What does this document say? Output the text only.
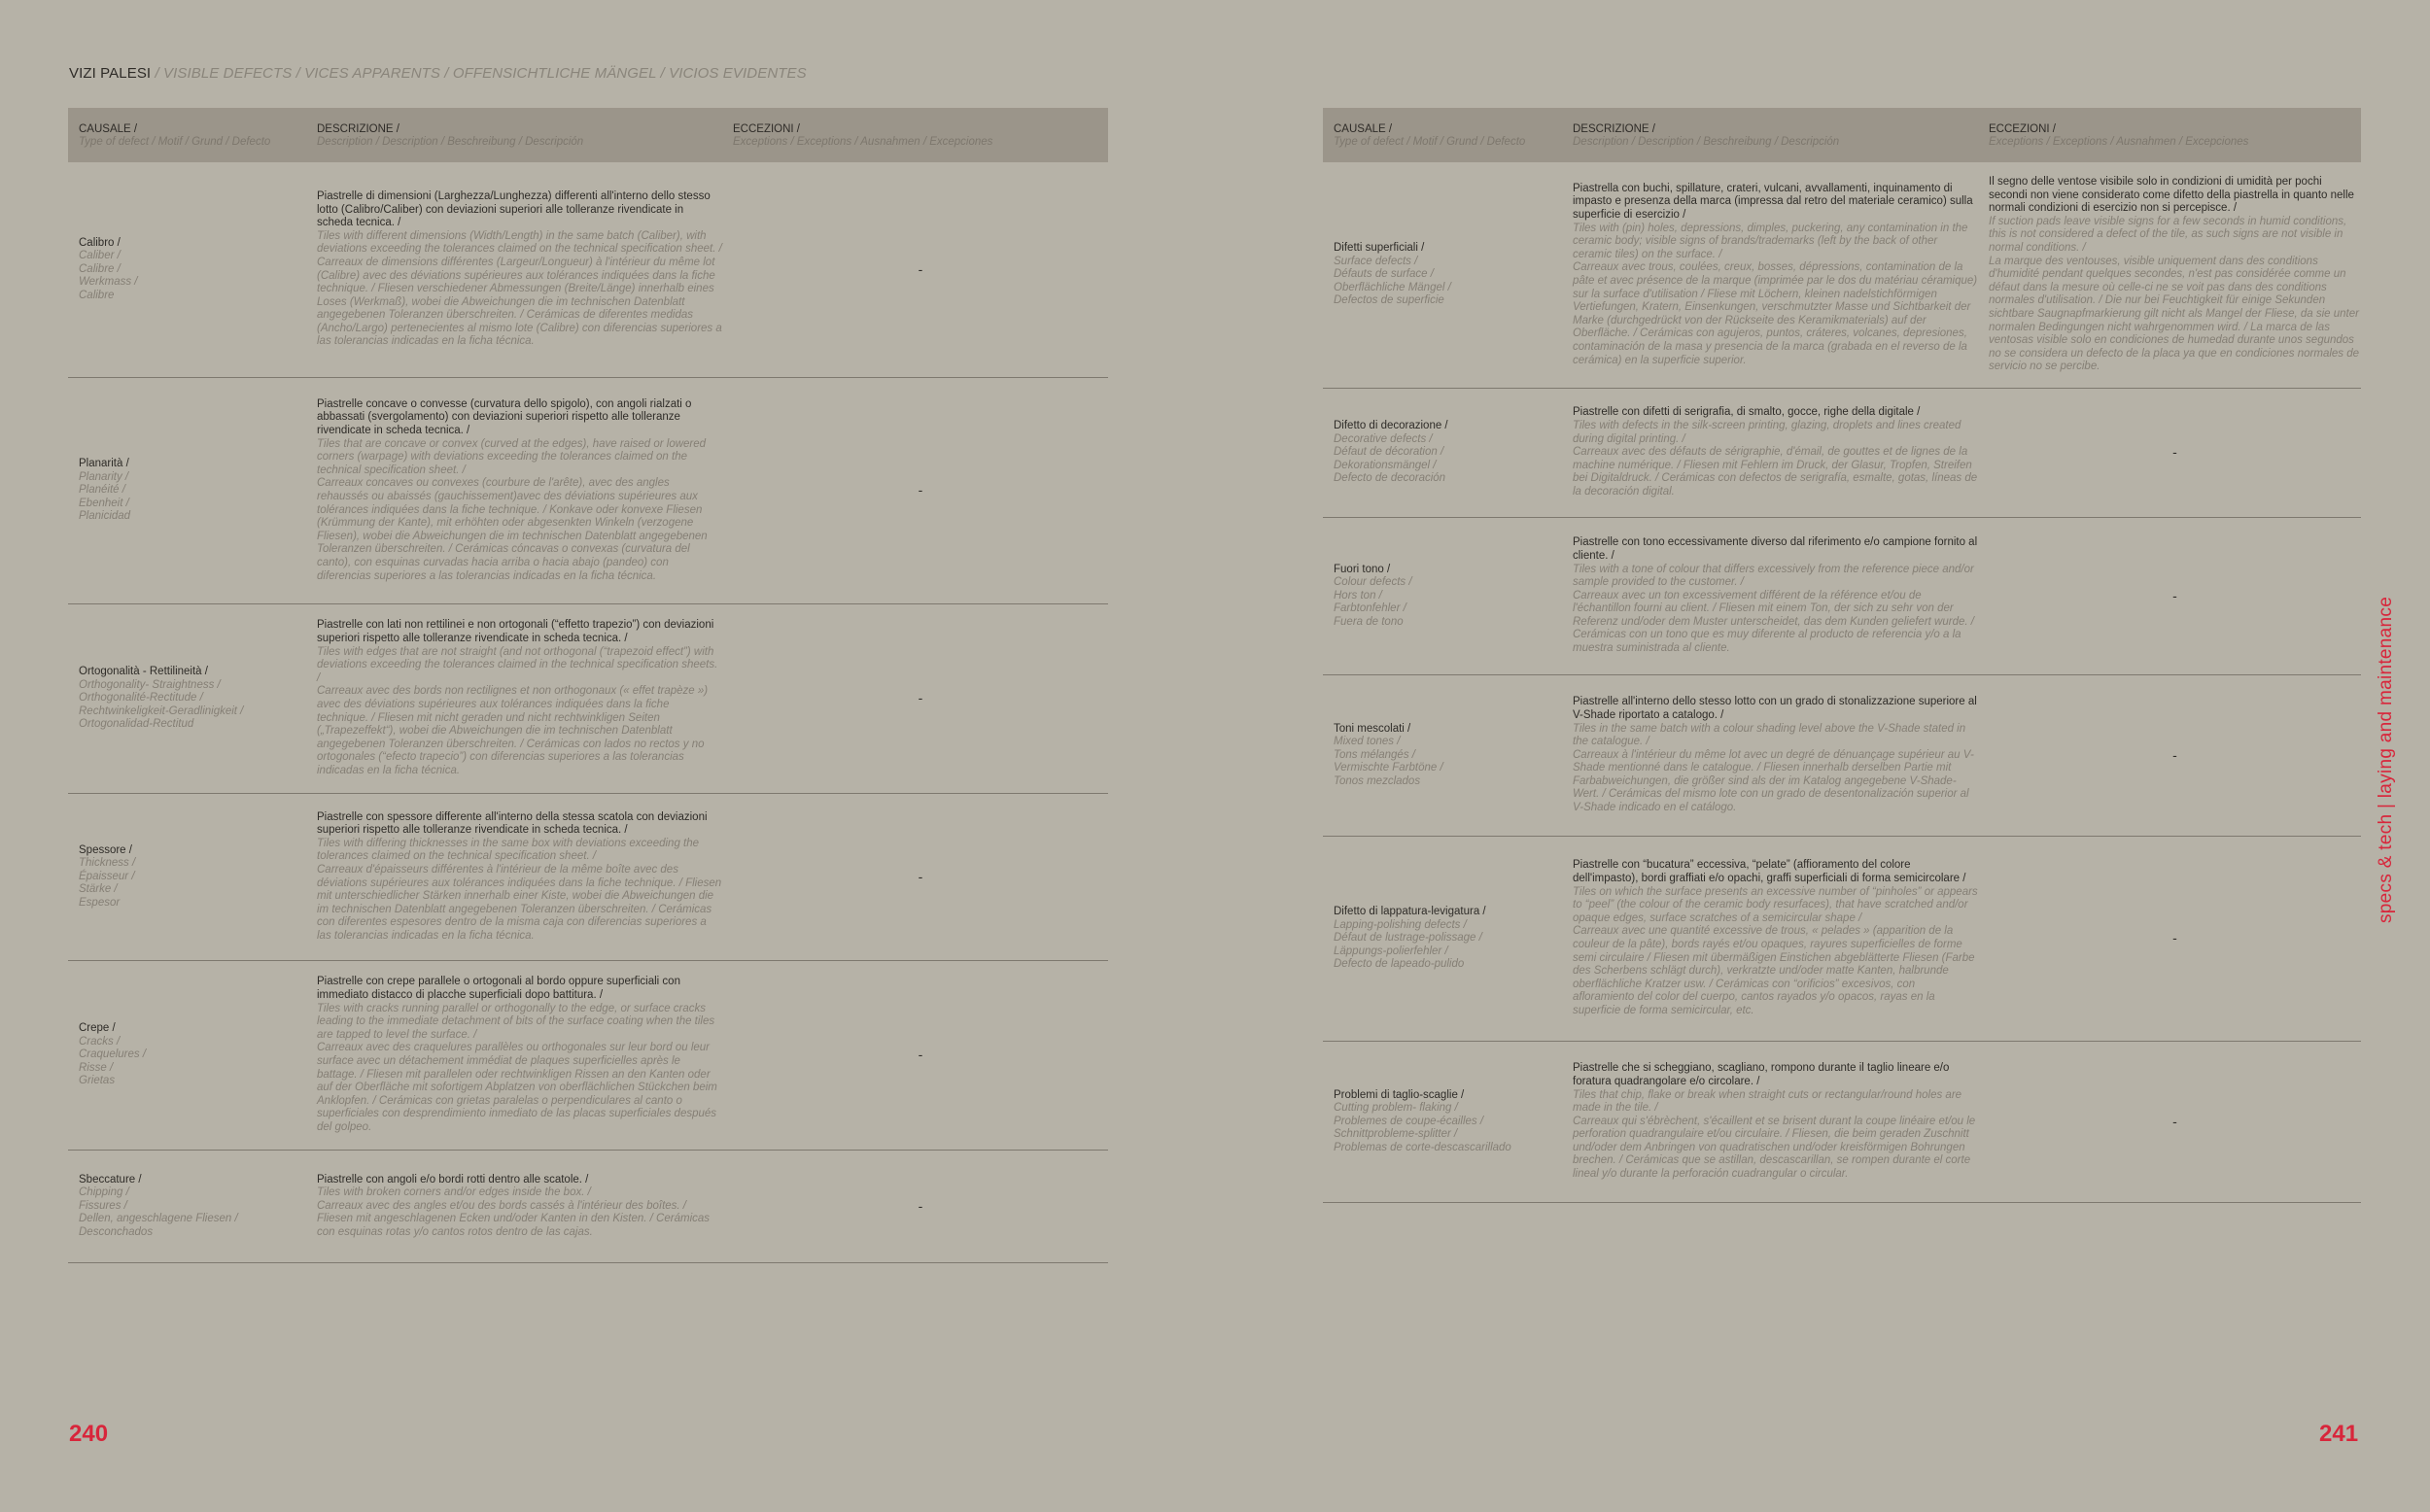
VIZI PALESI / VISIBLE DEFECTS / VICES APPARENTS / OFFENSICHTLICHE MÄNGEL / VICIOS EVIDENTES
CAUSALE /
Type of defect / Motif / Grund / Defecto
DESCRIZIONE /
Description / Description / Beschreibung / Descripción
ECCEZIONI /
Exceptions / Exceptions / Ausnahmen / Excepciones
Calibro /
Caliber /
Calibre /
Werkmass /
Calibre
Piastrelle di dimensioni (Larghezza/Lunghezza) differenti all'interno dello stesso lotto (Calibro/Caliber) con deviazioni superiori alle tolleranze rivendicate in scheda tecnica. /
Tiles with different dimensions (Width/Length) in the same batch (Caliber), with deviations exceeding the tolerances claimed on the technical specification sheet. /
Carreaux de dimensions différentes (Largeur/Longueur) à l'intérieur du même lot (Calibre) avec des déviations supérieures aux tolérances indiquées dans la fiche technique. / Fliesen verschiedener Abmessungen (Breite/Länge) innerhalb eines Loses (Werkmaß), wobei die Abweichungen die im technischen Datenblatt angegebenen Toleranzen überschreiten. / Cerámicas de diferentes medidas (Ancho/Largo) pertenecientes al mismo lote (Calibre) con diferencias superiores a las tolerancias indicadas en la ficha técnica.
-
Planarità /
Planarity /
Planéité /
Ebenheit /
Planicidad
Piastrelle concave o convesse (curvatura dello spigolo), con angoli rialzati o abbassati (svergolamento) con deviazioni superiori rispetto alle tolleranze rivendicate in scheda tecnica. /
Tiles that are concave or convex (curved at the edges), have raised or lowered corners (warpage) with deviations exceeding the tolerances claimed on the technical specification sheet. /
Carreaux concaves ou convexes (courbure de l'arête), avec des angles rehaussés ou abaissés (gauchissement)avec des déviations supérieures aux tolérances indiquées dans la fiche technique. / Konkave oder konvexe Fliesen (Krümmung der Kante), mit erhöhten oder abgesenkten Winkeln (verzogene Fliesen), wobei die Abweichungen die im technischen Datenblatt angegebenen Toleranzen überschreiten. / Cerámicas cóncavas o convexas (curvatura del canto), con esquinas curvadas hacia arriba o hacia abajo (pandeo) con diferencias superiores a las tolerancias indicadas en la ficha técnica.
-
Ortogonalità - Rettilineità /
Orthogonality- Straightness /
Orthogonalité-Rectitude /
Rechtwinkeligkeit-Geradlinigkeit /
Ortogonalidad-Rectitud
Piastrelle con lati non rettilinei e non ortogonali (“effetto trapezio”) con deviazioni superiori rispetto alle tolleranze rivendicate in scheda tecnica. /
Tiles with edges that are not straight (and not orthogonal (“trapezoid effect”) with deviations exceeding the tolerances claimed in the technical specification sheets. /
Carreaux avec des bords non rectilignes et non orthogonaux (« effet trapèze ») avec des déviations supérieures aux tolérances indiquées dans la fiche technique. / Fliesen mit nicht geraden und nicht rechtwinkligen Seiten („Trapezeffekt“), wobei die Abweichungen die im technischen Datenblatt angegebenen Toleranzen überschreiten. / Cerámicas con lados no rectos y no ortogonales (“efecto trapecio”) con diferencias superiores a las tolerancias indicadas en la ficha técnica.
-
Spessore /
Thickness /
Épaisseur /
Stärke /
Espesor
Piastrelle con spessore differente all'interno della stessa scatola con deviazioni superiori rispetto alle tolleranze rivendicate in scheda tecnica. /
Tiles with differing thicknesses in the same box with deviations exceeding the tolerances claimed on the technical specification sheet. /
Carreaux d'épaisseurs différentes à l'intérieur de la même boîte avec des déviations supérieures aux tolérances indiquées dans la fiche technique. / Fliesen mit unterschiedlicher Stärken innerhalb einer Kiste, wobei die Abweichungen die im technischen Datenblatt angegebenen Toleranzen überschreiten. / Cerámicas con diferentes espesores dentro de la misma caja con diferencias superiores a las tolerancias indicadas en la ficha técnica.
-
Crepe /
Cracks /
Craquelures /
Risse /
Grietas
Piastrelle con crepe parallele o ortogonali al bordo oppure superficiali con immediato distacco di placche superficiali dopo battitura. /
Tiles with cracks running parallel or orthogonally to the edge, or surface cracks leading to the immediate detachment of bits of the surface coating when the tiles are tapped to level the surface. /
Carreaux avec des craquelures parallèles ou orthogonales sur leur bord ou leur surface avec un détachement immédiat de plaques superficielles après le battage. / Fliesen mit parallelen oder rechtwinkligen Rissen an den Kanten oder auf der Oberfläche mit sofortigem Abplatzen von oberflächlichen Stückchen beim Anklopfen. / Cerámicas con grietas paralelas o perpendiculares al canto o superficiales con desprendimiento inmediato de las placas superficiales después del golpeo.
-
Sbeccature /
Chipping /
Fissures /
Dellen, angeschlagene Fliesen /
Desconchados
Piastrelle con angoli e/o bordi rotti dentro alle scatole. /
Tiles with broken corners and/or edges inside the box. /
Carreaux avec des angles et/ou des bords cassés à l'intérieur des boîtes. / Fliesen mit angeschlagenen Ecken und/oder Kanten in den Kisten. / Cerámicas con esquinas rotas y/o cantos rotos dentro de las cajas.
-
CAUSALE /
Type of defect / Motif / Grund / Defecto
DESCRIZIONE /
Description / Description / Beschreibung / Descripción
ECCEZIONI /
Exceptions / Exceptions / Ausnahmen / Excepciones
Difetti superficiali /
Surface defects /
Défauts de surface /
Oberflächliche Mängel /
Defectos de superficie
Piastrella con buchi, spillature, crateri, vulcani, avvallamenti, inquinamento di impasto e presenza della marca (impressa dal retro del materiale ceramico) sulla superficie di esercizio /
Tiles with (pin) holes, depressions, dimples, puckering, any contamination in the ceramic body; visible signs of brands/trademarks (left by the back of other ceramic tiles) on the surface. /
Carreaux avec trous, coulées, creux, bosses, dépressions, contamination de la pâte et avec présence de la marque (imprimée par le dos du matériau céramique) sur la surface d'utilisation / Fliese mit Löchern, kleinen nadelstichförmigen Vertiefungen, Kratern, Einsenkungen, verschmutzter Masse und Sichtbarkeit der Marke (durchgedrückt von der Rückseite des Keramikmaterials) auf der Oberfläche. / Cerámicas con agujeros, puntos, cráteres, volcanes, depresiones, contaminación de la masa y presencia de la marca (grabada en el reverso de la cerámica) en la superficie superior.
Il segno delle ventose visibile solo in condizioni di umidità per pochi secondi non viene considerato come difetto della piastrella in quanto nelle normali condizioni di esercizio non si percepisce. /
If suction pads leave visible signs for a few seconds in humid conditions, this is not considered a defect of the tile, as such signs are not visible in normal conditions. /
La marque des ventouses, visible uniquement dans des conditions d'humidité pendant quelques secondes, n'est pas considérée comme un défaut dans la mesure où celle-ci ne se voit pas dans des conditions normales d'utilisation. / Die nur bei Feuchtigkeit für einige Sekunden sichtbare Saugnapfmarkierung gilt nicht als Mangel der Fliese, da sie unter normalen Bedingungen nicht wahrgenommen wird. / La marca de las ventosas visible solo en condiciones de humedad durante unos segundos no se considera un defecto de la placa ya que en condiciones normales de servicio no se percibe.
Difetto di decorazione /
Decorative defects /
Défaut de décoration /
Dekorationsmängel /
Defecto de decoración
Piastrelle con difetti di serigrafia, di smalto, gocce, righe della digitale /
Tiles with defects in the silk-screen printing, glazing, droplets and lines created during digital printing. /
Carreaux avec des défauts de sérigraphie, d'émail, de gouttes et de lignes de la machine numérique. / Fliesen mit Fehlern im Druck, der Glasur, Tropfen, Streifen bei Digitaldruck. / Cerámicas con defectos de serigrafía, esmalte, gotas, líneas de la decoración digital.
-
Fuori tono /
Colour defects /
Hors ton /
Farbtonfehler /
Fuera de tono
Piastrelle con tono eccessivamente diverso dal riferimento e/o campione fornito al cliente. /
Tiles with a tone of colour that differs excessively from the reference piece and/or sample provided to the customer. /
Carreaux avec un ton excessivement différent de la référence et/ou de l'échantillon fourni au client. / Fliesen mit einem Ton, der sich zu sehr von der Referenz und/oder dem Muster unterscheidet, das dem Kunden geliefert wurde. / Cerámicas con un tono que es muy diferente al producto de referencia y/o a la muestra suministrada al cliente.
-
Toni mescolati /
Mixed tones /
Tons mélangés /
Vermischte Farbtöne /
Tonos mezclados
Piastrelle all'interno dello stesso lotto con un grado di stonalizzazione superiore al V-Shade riportato a catalogo. /
Tiles in the same batch with a colour shading level above the V-Shade stated in the catalogue. /
Carreaux à l'intérieur du même lot avec un degré de dénuançage supérieur au V-Shade mentionné dans le catalogue. / Fliesen innerhalb derselben Partie mit Farbabweichungen, die größer sind als der im Katalog angegebene V-Shade-Wert. / Cerámicas del mismo lote con un grado de desentonalización superior al V-Shade indicado en el catálogo.
-
Difetto di lappatura-levigatura /
Lapping-polishing defects /
Défaut de lustrage-polissage /
Läppungs-polierfehler /
Defecto de lapeado-pulido
Piastrelle con “bucatura” eccessiva, “pelate” (affioramento del colore dell'impasto), bordi graffiati e/o opachi, graffi superficiali di forma semicircolare /
Tiles on which the surface presents an excessive number of “pinholes” or appears to “peel” (the colour of the ceramic body resurfaces), that have scratched and/or opaque edges, surface scratches of a semicircular shape /
Carreaux avec une quantité excessive de trous, « pelades » (apparition de la couleur de la pâte), bords rayés et/ou opaques, rayures superficielles de forme semi circulaire / Fliesen mit übermäßigen Einstichen abgeblätterte Fliesen (Farbe des Scherbens schlägt durch), verkratzte und/oder matte Kanten, halbrunde oberflächliche Kratzer usw. / Cerámicas con “orificios” excesivos, con afloramiento del color del cuerpo, cantos rayados y/o opacos, rayas en la superficie de forma semicircular, etc.
-
Problemi di taglio-scaglie /
Cutting problem- flaking /
Problemes de coupe-écailles /
Schnittprobleme-splitter /
Problemas de corte-descascarillado
Piastrelle che si scheggiano, scagliano, rompono durante il taglio lineare e/o foratura quadrangolare e/o circolare. /
Tiles that chip, flake or break when straight cuts or rectangular/round holes are made in the tile. /
Carreaux qui s'ébrèchent, s'écaillent et se brisent durant la coupe linéaire et/ou le perforation quadrangulaire et/ou circulaire. / Fliesen, die beim geraden Zuschnitt und/oder dem Anbringen von quadratischen und/oder kreisförmigen Bohrungen brechen. / Cerámicas que se astillan, descascarillan, se rompen durante el corte lineal y/o durante la perforación cuadrangular o circular.
-
240	241
specs & tech | laying and maintenance
